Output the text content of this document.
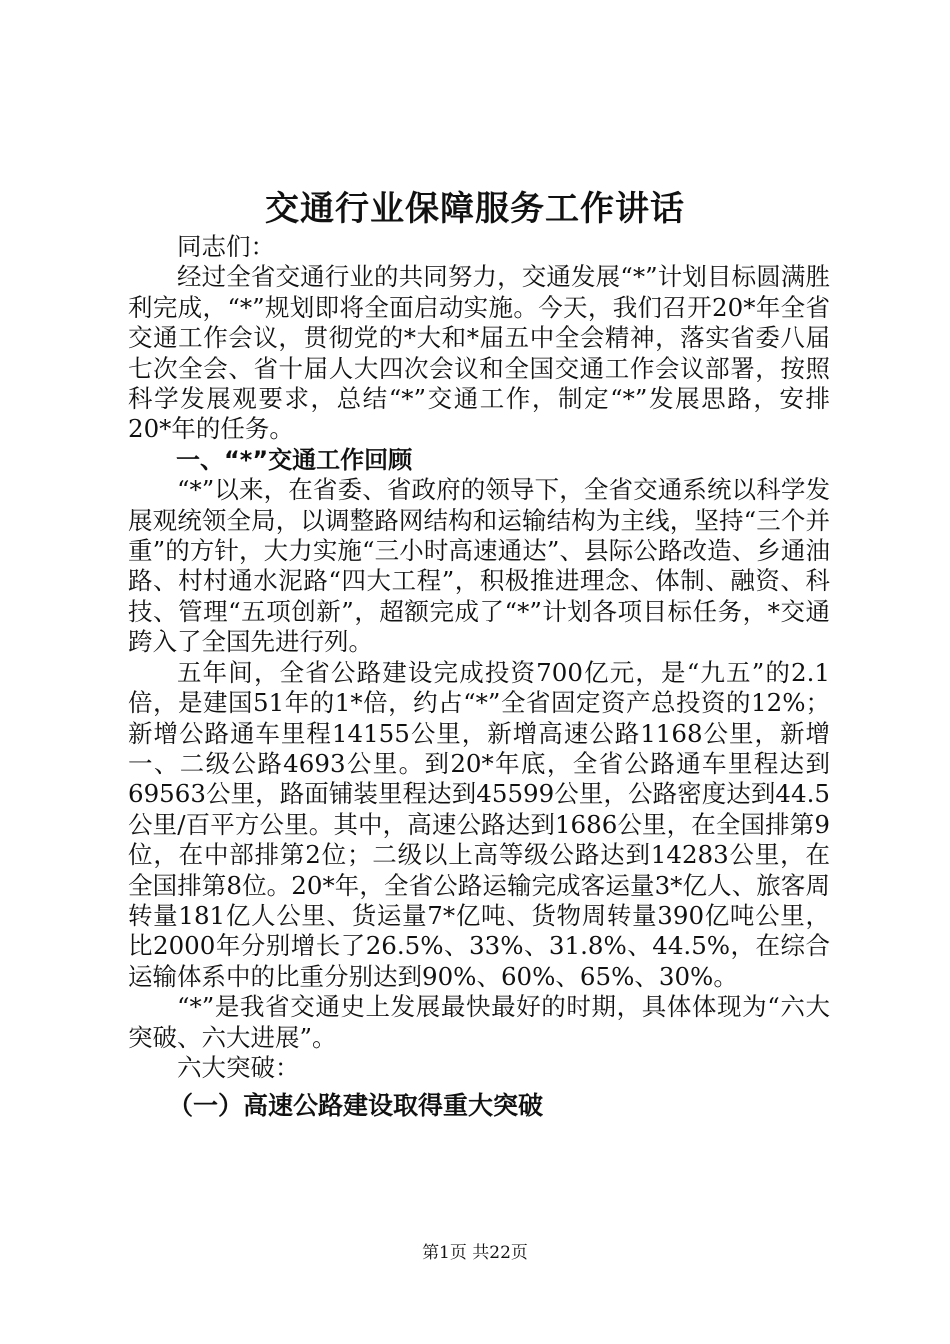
交通行业保障服务工作讲话

同志们：

经过全省交通行业的共同努力，交通发展“*”计划目标圆满胜利完成，“*”规划即将全面启动实施。今天，我们召开20*年全省交通工作会议，贯彻党的*大和*届五中全会精神，落实省委八届七次全会、省十届人大四次会议和全国交通工作会议部署，按照科学发展观要求，总结“*”交通工作，制定“*”发展思路，安排20*年的任务。

一、“*”交通工作回顾

“*”以来，在省委、省政府的领导下，全省交通系统以科学发展观统领全局，以调整路网结构和运输结构为主线，坚持“三个并重”的方针，大力实施“三小时高速通达”、县际公路改造、乡通油路、村村通水泥路“四大工程”，积极推进理念、体制、融资、科技、管理“五项创新”，超额完成了“*”计划各项目标任务，*交通跨入了全国先进行列。

五年间，全省公路建设完成投资700亿元，是“九五”的2.1倍，是建国51年的1*倍，约占“*”全省固定资产总投资的12%；新增公路通车里程14155公里，新增高速公路1168公里，新增一、二级公路4693公里。到20*年底，全省公路通车里程达到69563公里，路面铺装里程达到45599公里，公路密度达到44.5公里/百平方公里。其中，高速公路达到1686公里，在全国排第9位，在中部排第2位；二级以上高等级公路达到14283公里，在全国排第8位。20*年，全省公路运输完成客运量3*亿人、旅客周转量181亿人公里、货运量7*亿吨、货物周转量390亿吨公里，比2000年分别增长了26.5%、33%、31.8%、44.5%，在综合运输体系中的比重分别达到90%、60%、65%、30%。

“*”是我省交通史上发展最快最好的时期，具体体现为“六大突破、六大进展”。

六大突破：

（一）高速公路建设取得重大突破

第1页 共22页
